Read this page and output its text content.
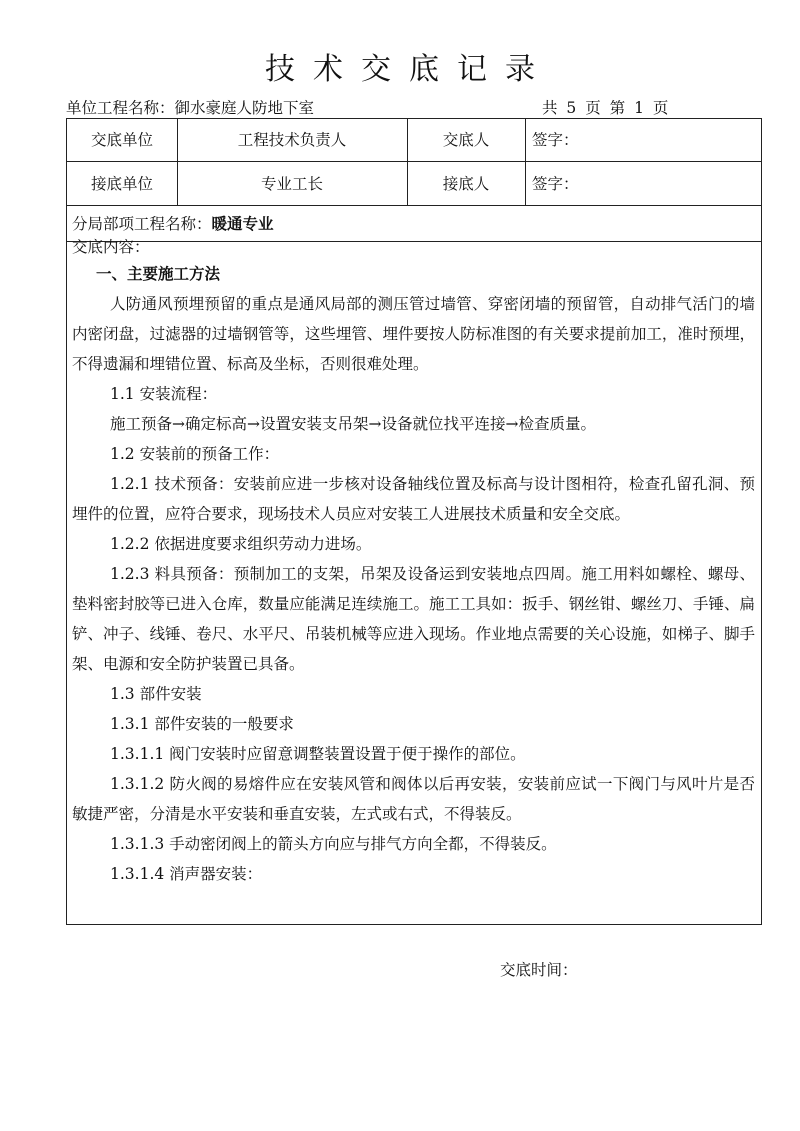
技术交底记录
单位工程名称：御水豪庭人防地下室	共 5 页 第 1 页
交底单位	工程技术负责人	交底人	签字：
接底单位	专业工长	接底人	签字：
分局部项工程名称：暖通专业

交底内容：

一、主要施工方法

人防通风预埋预留的重点是通风局部的测压管过墙管、穿密闭墙的预留管，自动排气活门的墙内密闭盘，过滤器的过墙钢管等，这些埋管、埋件要按人防标准图的有关要求提前加工，准时预埋，不得遗漏和埋错位置、标高及坐标，否则很难处理。

1.1 安装流程：

施工预备→确定标高→设置安装支吊架→设备就位找平连接→检查质量。

1.2 安装前的预备工作：

1.2.1 技术预备：安装前应进一步核对设备轴线位置及标高与设计图相符，检查孔留孔洞、预埋件的位置，应符合要求，现场技术人员应对安装工人进展技术质量和安全交底。

1.2.2 依据进度要求组织劳动力进场。

1.2.3 料具预备：预制加工的支架，吊架及设备运到安装地点四周。施工用料如螺栓、螺母、垫料密封胶等已进入仓库，数量应能满足连续施工。施工工具如：扳手、钢丝钳、螺丝刀、手锤、扁铲、冲子、线锤、卷尺、水平尺、吊装机械等应进入现场。作业地点需要的关心设施，如梯子、脚手架、电源和安全防护装置已具备。

1.3 部件安装

1.3.1 部件安装的一般要求

1.3.1.1 阀门安装时应留意调整装置设置于便于操作的部位。

1.3.1.2 防火阀的易熔件应在安装风管和阀体以后再安装，安装前应试一下阀门与风叶片是否敏捷严密，分清是水平安装和垂直安装，左式或右式，不得装反。

1.3.1.3 手动密闭阀上的箭头方向应与排气方向全都，不得装反。

1.3.1.4 消声器安装：

交底时间：
